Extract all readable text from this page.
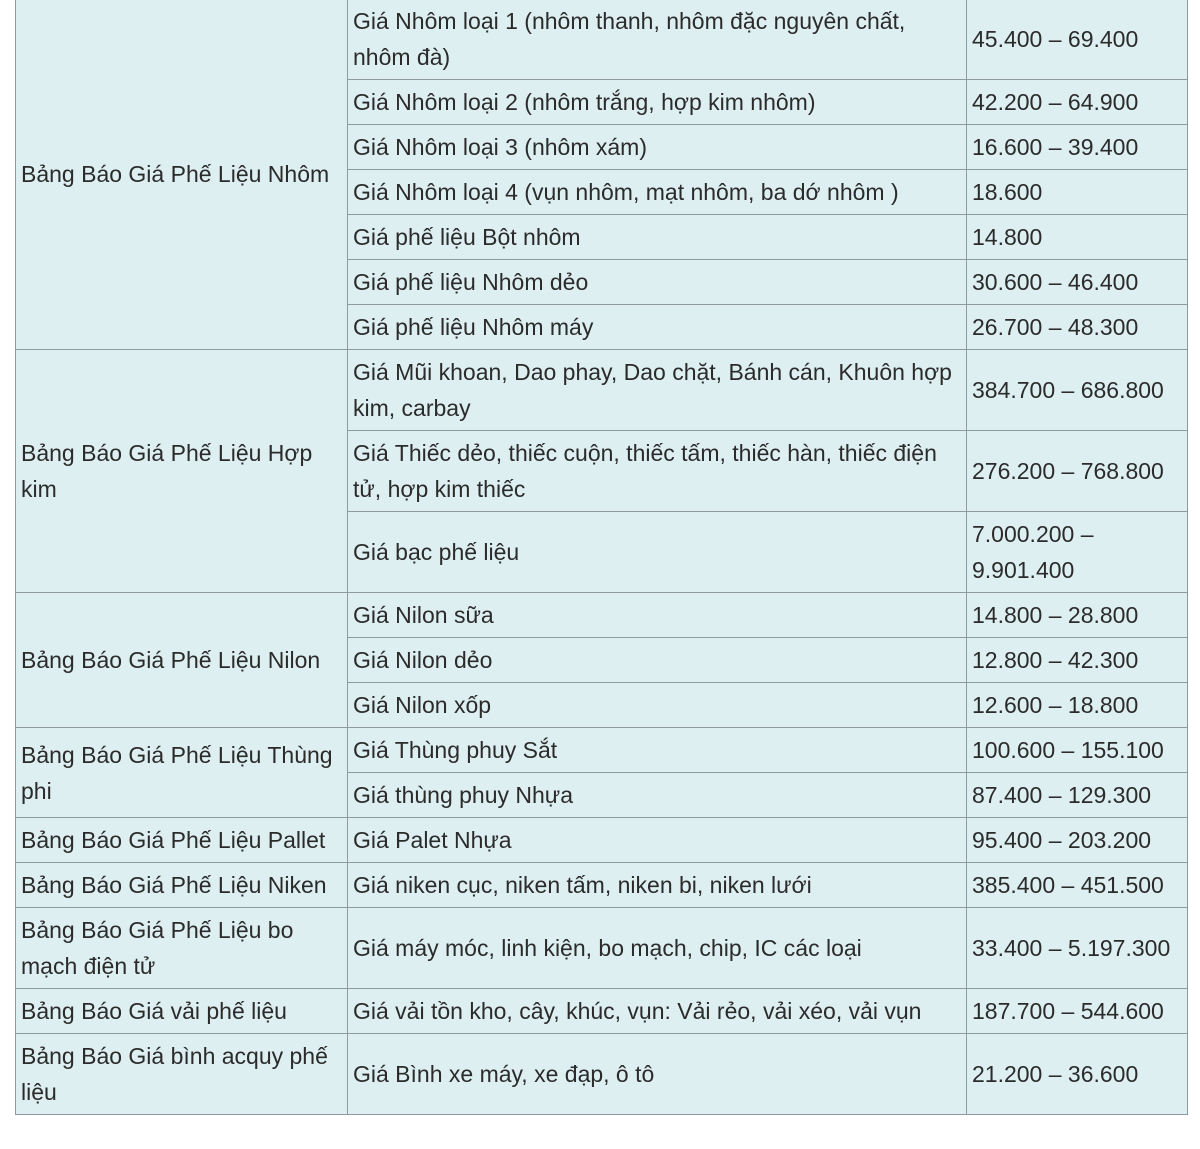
Bảng Báo Giá Phế Liệu Nhôm	Giá Nhôm loại 1 (nhôm thanh, nhôm đặc nguyên chất, nhôm đà)	45.400 – 69.400
	Giá Nhôm loại 2 (nhôm trắng, hợp kim nhôm)	42.200 – 64.900
	Giá Nhôm loại 3 (nhôm xám)	16.600 – 39.400
	Giá Nhôm loại 4 (vụn nhôm, mạt nhôm, ba dớ nhôm )	18.600
	Giá phế liệu Bột nhôm	14.800
	Giá phế liệu Nhôm dẻo	30.600 – 46.400
	Giá phế liệu Nhôm máy	26.700 – 48.300
Bảng Báo Giá Phế Liệu Hợp kim	Giá Mũi khoan, Dao phay, Dao chặt, Bánh cán, Khuôn hợp kim, carbay	384.700 – 686.800
	Giá Thiếc dẻo, thiếc cuộn, thiếc tấm, thiếc hàn, thiếc điện tử, hợp kim thiếc	276.200 – 768.800
	Giá bạc phế liệu	7.000.200 – 9.901.400
Bảng Báo Giá Phế Liệu Nilon	Giá Nilon sữa	14.800 – 28.800
	Giá Nilon dẻo	12.800 – 42.300
	Giá Nilon xốp	12.600 – 18.800
Bảng Báo Giá Phế Liệu Thùng phi	Giá Thùng phuy Sắt	100.600 – 155.100
	Giá thùng phuy Nhựa	87.400 – 129.300
Bảng Báo Giá Phế Liệu Pallet	Giá Palet Nhựa	95.400 – 203.200
Bảng Báo Giá Phế Liệu Niken	Giá niken cục, niken tấm, niken bi, niken lưới	385.400 – 451.500
Bảng Báo Giá Phế Liệu bo mạch điện tử	Giá máy móc, linh kiện, bo mạch, chip, IC các loại	33.400 – 5.197.300
Bảng Báo Giá vải phế liệu	Giá vải tồn kho, cây, khúc, vụn: Vải rẻo, vải xéo, vải vụn	187.700 – 544.600
Bảng Báo Giá bình acquy phế liệu	Giá Bình xe máy, xe đạp, ô tô	21.200 – 36.600
